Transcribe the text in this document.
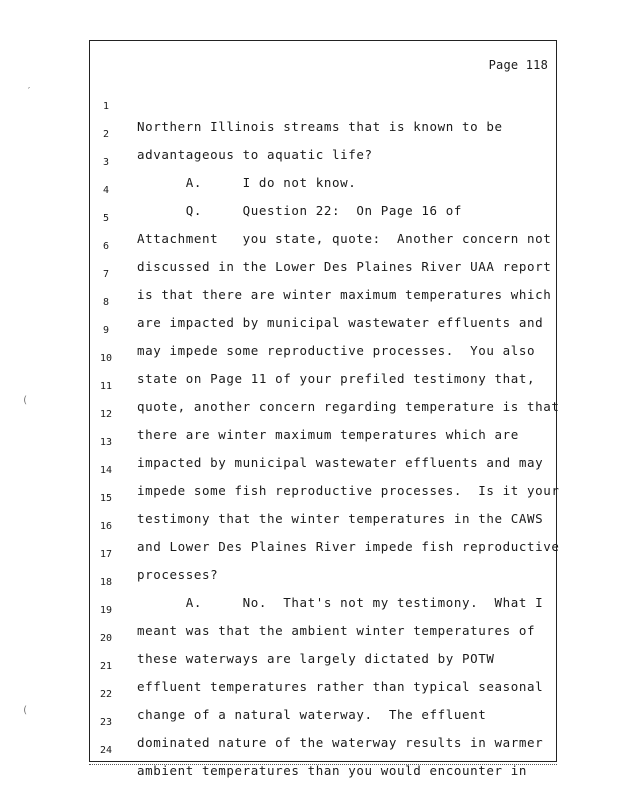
Page 118

1

Northern Illinois streams that is known to be

2

advantageous to aquatic life?

3

A.     I do not know.

4

Q.     Question 22:  On Page 16 of

5

Attachment   you state, quote:  Another concern not

6

discussed in the Lower Des Plaines River UAA report

7

is that there are winter maximum temperatures which

8

are impacted by municipal wastewater effluents and

9

may impede some reproductive processes.  You also

10

state on Page 11 of your prefiled testimony that,

11

quote, another concern regarding temperature is that

12

there are winter maximum temperatures which are

13

impacted by municipal wastewater effluents and may

14

impede some fish reproductive processes.  Is it your

15

testimony that the winter temperatures in the CAWS

16

and Lower Des Plaines River impede fish reproductive

17

processes?

18

A.     No.  That's not my testimony.  What I

19

meant was that the ambient winter temperatures of

20

these waterways are largely dictated by POTW

21

effluent temperatures rather than typical seasonal

22

change of a natural waterway.  The effluent

23

dominated nature of the waterway results in warmer

24

ambient temperatures than you would encounter in

′
(
(
